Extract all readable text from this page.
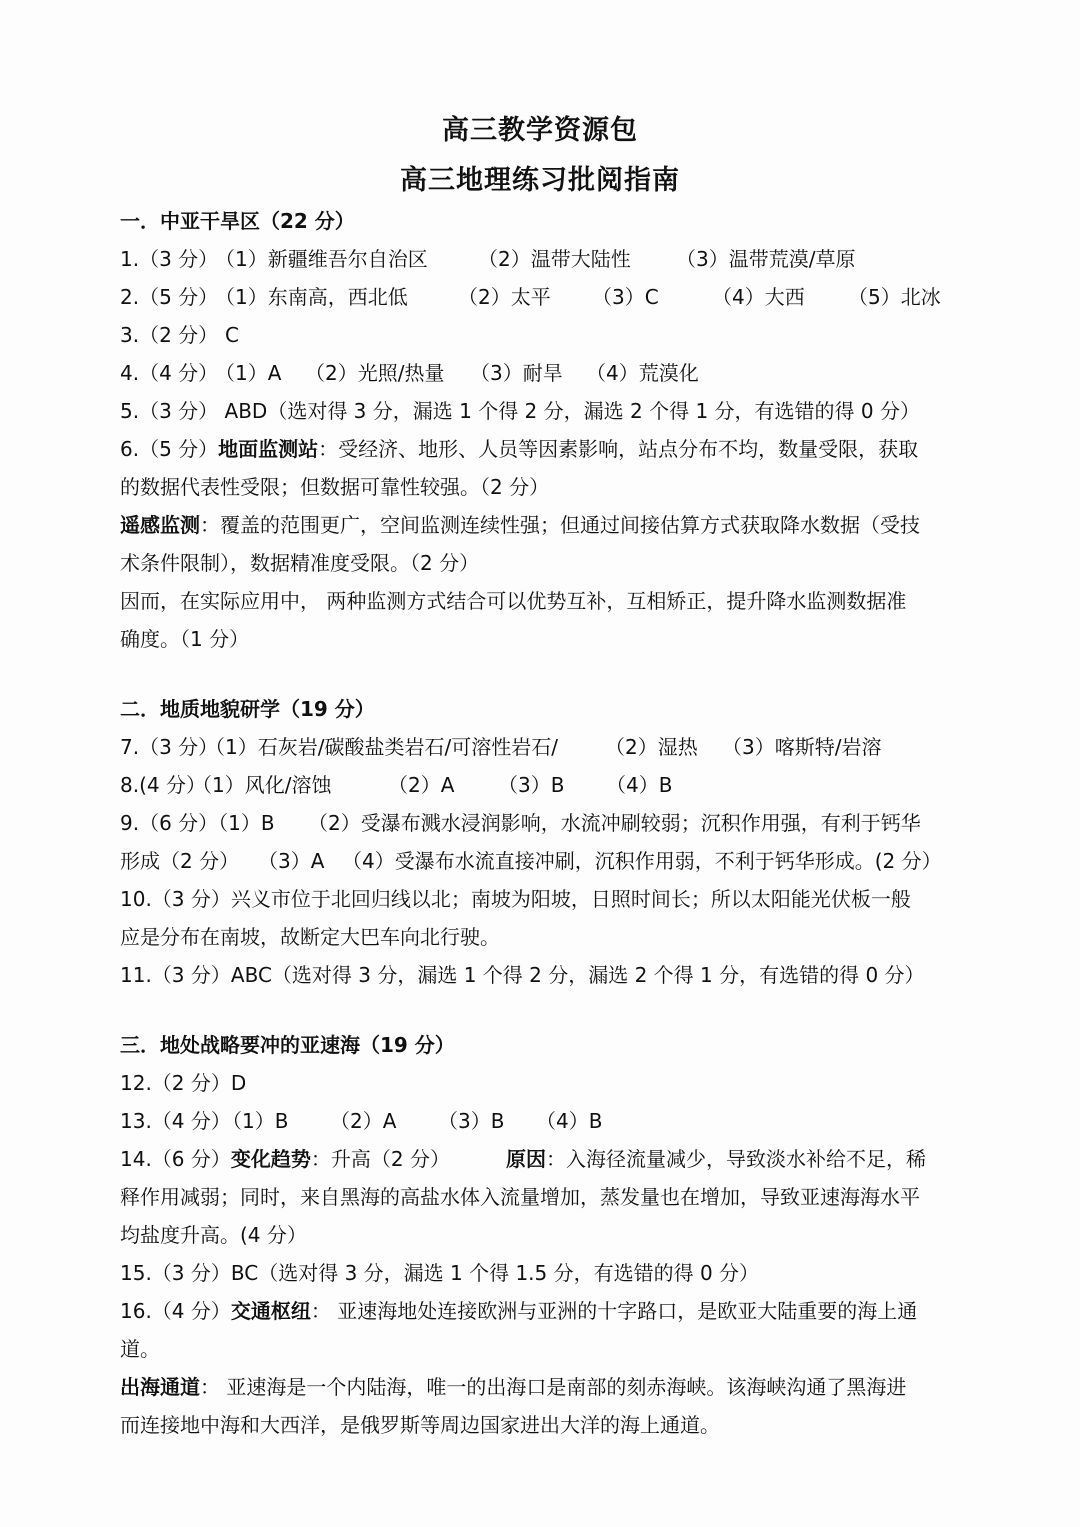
高三教学资源包
高三地理练习批阅指南
一．中亚干旱区（22 分）
1.（3 分）
（1）新疆维吾尔自治区	（2）温带大陆性 （3）温带荒漠/草原
2.（5 分）
（1）东南高，西北低	（2）太平 （3）C	（4）大西 （5）北冰
3.（2 分） C
4.（4 分）
（1）A （2）光照/热量 （3）耐旱 （4）荒漠化
5.（3 分） ABD（选对得 3 分，漏选 1 个得 2 分，漏选 2 个得 1 分，有选错的得 0 分）
6.（5 分）地面监测站：受经济、地形、人员等因素影响，站点分布不均，数量受限，获取
的数据代表性受限；但数据可靠性较强。（2 分）
遥感监测：覆盖的范围更广，空间监测连续性强；但通过间接估算方式获取降水数据（受技
术条件限制），数据精准度受限。（2 分）
因而，在实际应用中， 两种监测方式结合可以优势互补，互相矫正，提升降水监测数据准
确度。（1 分）
二．地质地貌研学（19 分）
7.（3 分）
（1）石灰岩/碳酸盐类岩石/可溶性岩石/ （2）湿热 （3）喀斯特/岩溶
8.(4 分）
（1）风化/溶蚀	（2）A （3）B （4）B
9.（6 分）（1）B （2）受瀑布溅水浸润影响，水流冲刷较弱；沉积作用强，有利于钙华
形成（2 分） （3）A （4）受瀑布水流直接冲刷，沉积作用弱，不利于钙华形成。(2 分）
10.（3 分）兴义市位于北回归线以北；南坡为阳坡，日照时间长；所以太阳能光伏板一般
应是分布在南坡，故断定大巴车向北行驶。
11.（3 分）ABC（选对得 3 分，漏选 1 个得 2 分，漏选 2 个得 1 分，有选错的得 0 分）
三．地处战略要冲的亚速海（19 分）
12.（2 分）D
13.（4 分）
（1）B （2）A （3）B （4）B
14.（6 分）变化趋势：升高（2 分）	原因：入海径流量减少，导致淡水补给不足，稀
释作用减弱；同时，来自黑海的高盐水体入流量增加，蒸发量也在增加，导致亚速海海水平
均盐度升高。(4 分）
15.（3 分）BC（选对得 3 分，漏选 1 个得 1.5 分，有选错的得 0 分）
16.（4 分）交通枢纽： 亚速海地处连接欧洲与亚洲的十字路口，是欧亚大陆重要的海上通
道。
出海通道： 亚速海是一个内陆海，唯一的出海口是南部的刻赤海峡。该海峡沟通了黑海进
而连接地中海和大西洋，是俄罗斯等周边国家进出大洋的海上通道。
